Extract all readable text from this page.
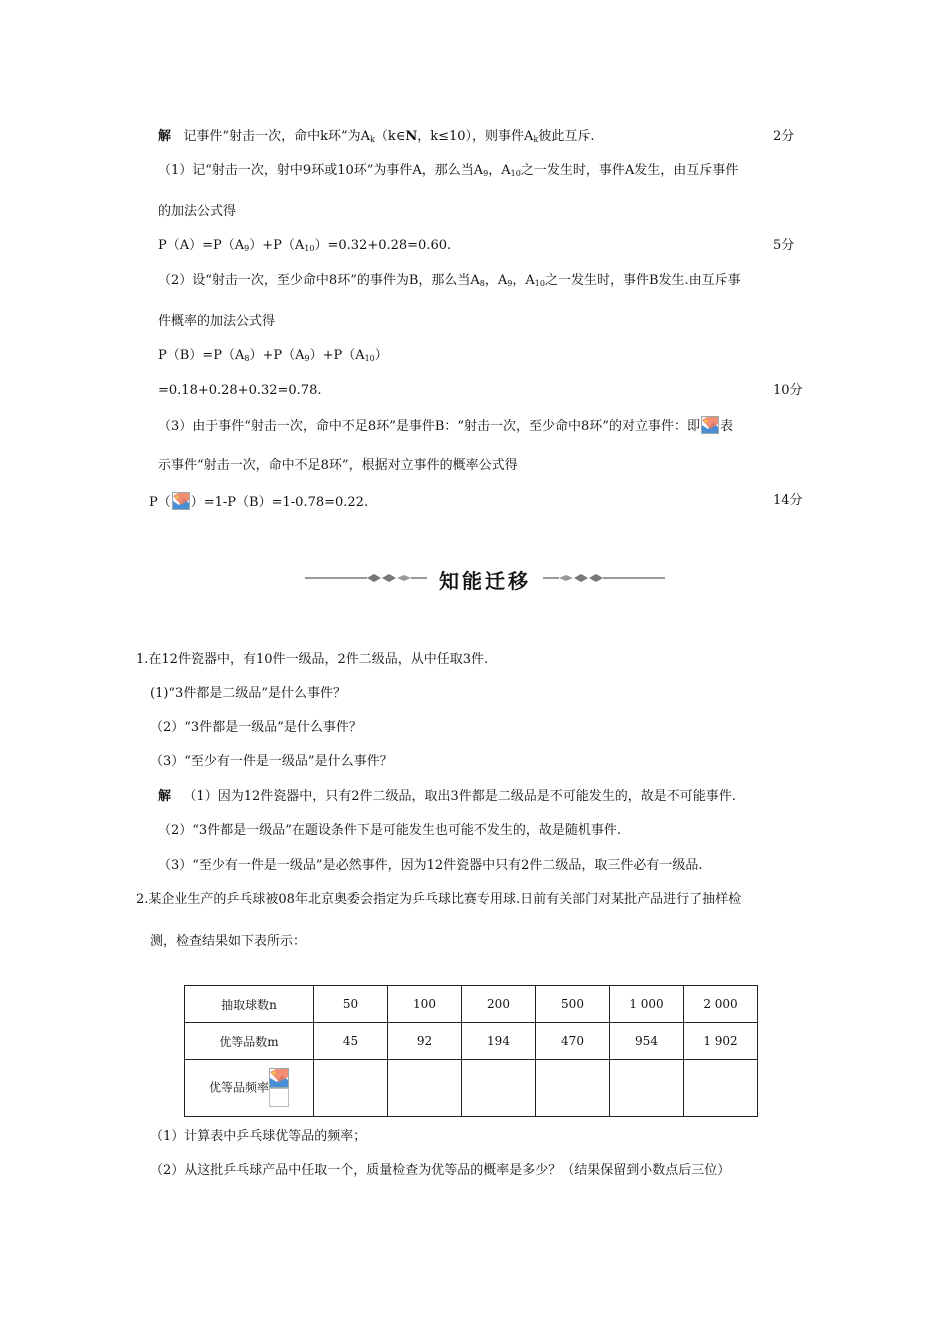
解 记事件“射击一次，命中k环”为$A_k(k\in N$，k≤10），则事件$A_k$彼此互斥.	2分
（1）记“射击一次，射中9环或10环”为事件A，那么当$A_9$，$A_{10}$之一发生时，事件A发生，由互斥事件
的加法公式得
$P(A)=P(A_9)+P(A_{10})=0.32+0.28=0.60$.	5分
（2）设“射击一次，至少命中8环”的事件为B，那么当$A_8$，$A_9$，$A_{10}$之一发生时，事件B发生.由互斥事
件概率的加法公式得
$P(B)=P(A_8)+P(A_9)+P(A_{10})$
=0.18+0.28+0.32=0.78.	10分
（3）由于事件“射击一次，命中不足8环”是事件B：“射击一次，至少命中8环”的对立事件：即 表
示事件“射击一次，命中不足8环”，根据对立事件的概率公式得
P（ ）=1-P（B）=1-0.78=0.22.	14分
知能迁移
1.在12件瓷器中，有10件一级品，2件二级品，从中任取3件.
(1)“3件都是二级品”是什么事件？
（2）“3件都是一级品”是什么事件？
（3）“至少有一件是一级品”是什么事件？
解 （1）因为12件瓷器中，只有2件二级品，取出3件都是二级品是不可能发生的，故是不可能事件.
（2）“3件都是一级品”在题设条件下是可能发生也可能不发生的，故是随机事件.
（3）“至少有一件是一级品”是必然事件，因为12件瓷器中只有2件二级品，取三件必有一级品.
2.某企业生产的乒乓球被08年北京奥委会指定为乒乓球比赛专用球.日前有关部门对某批产品进行了抽样检
测，检查结果如下表所示：
抽取球数n	50	100	200	500	1 000	2 000
优等品数m	45	92	194	470	954	1 902
优等品频率						
（1）计算表中乒乓球优等品的频率；
（2）从这批乒乓球产品中任取一个，质量检查为优等品的概率是多少？（结果保留到小数点后三位）
